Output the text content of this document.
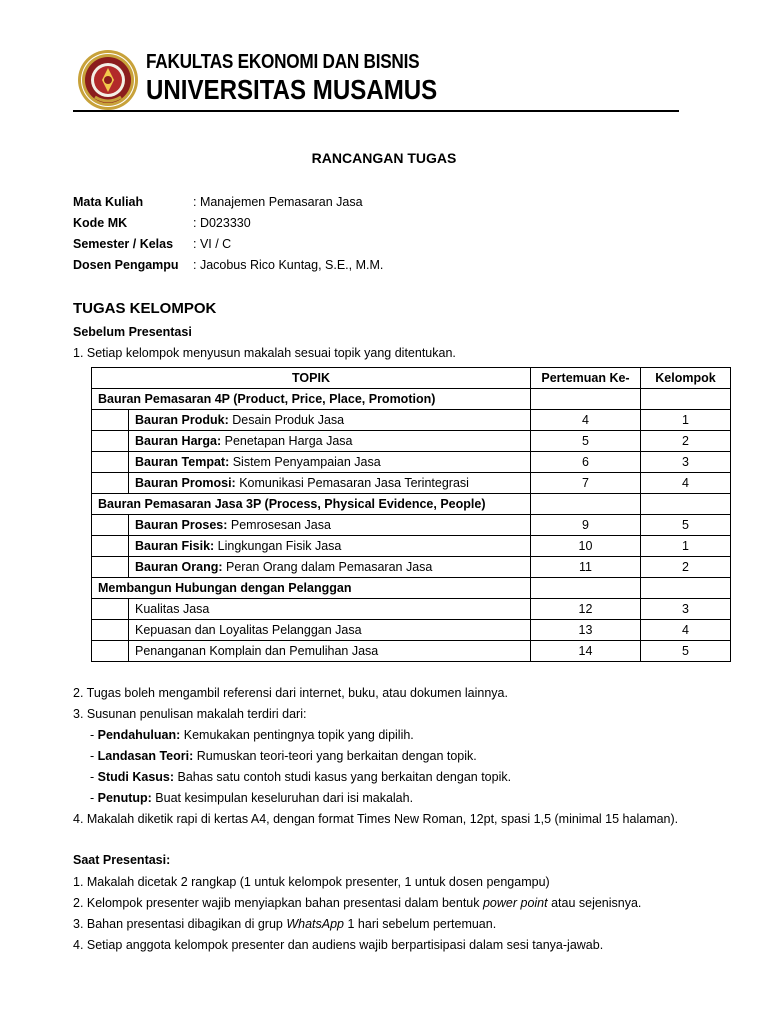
FAKULTAS EKONOMI DAN BISNIS
UNIVERSITAS MUSAMUS
RANCANGAN TUGAS
Mata Kuliah	: Manajemen Pemasaran Jasa
Kode MK	: D023330
Semester / Kelas	: VI / C
Dosen Pengampu	: Jacobus Rico Kuntag, S.E., M.M.
TUGAS KELOMPOK
Sebelum Presentasi
1. Setiap kelompok menyusun makalah sesuai topik yang ditentukan.
TOPIK		Pertemuan Ke-	Kelompok
Bauran Pemasaran 4P (Product, Price, Place, Promotion)			
	Bauran Produk: Desain Produk Jasa	4	1
	Bauran Harga: Penetapan Harga Jasa	5	2
	Bauran Tempat: Sistem Penyampaian Jasa	6	3
	Bauran Promosi: Komunikasi Pemasaran Jasa Terintegrasi	7	4
Bauran Pemasaran Jasa 3P (Process, Physical Evidence, People)			
	Bauran Proses: Pemrosesan Jasa	9	5
	Bauran Fisik: Lingkungan Fisik Jasa	10	1
	Bauran Orang: Peran Orang dalam Pemasaran Jasa	11	2
Membangun Hubungan dengan Pelanggan			
	Kualitas Jasa	12	3
	Kepuasan dan Loyalitas Pelanggan Jasa	13	4
	Penanganan Komplain dan Pemulihan Jasa	14	5
2. Tugas boleh mengambil referensi dari internet, buku, atau dokumen lainnya.
3. Susunan penulisan makalah terdiri dari:
- Pendahuluan: Kemukakan pentingnya topik yang dipilih.
- Landasan Teori: Rumuskan teori-teori yang berkaitan dengan topik.
- Studi Kasus: Bahas satu contoh studi kasus yang berkaitan dengan topik.
- Penutup: Buat kesimpulan keseluruhan dari isi makalah.
4. Makalah diketik rapi di kertas A4, dengan format Times New Roman, 12pt, spasi 1,5 (minimal 15 halaman).
Saat Presentasi:
1. Makalah dicetak 2 rangkap (1 untuk kelompok presenter, 1 untuk dosen pengampu)
2. Kelompok presenter wajib menyiapkan bahan presentasi dalam bentuk power point atau sejenisnya.
3. Bahan presentasi dibagikan di grup WhatsApp 1 hari sebelum pertemuan.
4. Setiap anggota kelompok presenter dan audiens wajib berpartisipasi dalam sesi tanya-jawab.
